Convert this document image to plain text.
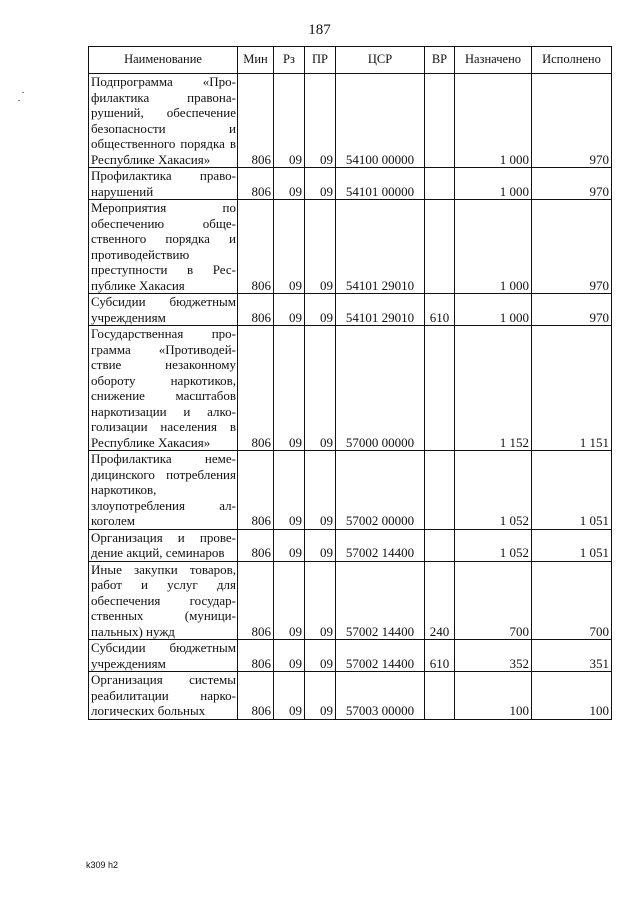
187
Наименование	Мин	Рз	ПР	ЦСР	ВР	Назначено	Исполнено
Подпрограмма «Профилактика правонарушений, обеспечение безопасности и общественного порядка в Республике Хакасия»	806	09	09	54100 00000		1 000	970
Профилактика правонарушений	806	09	09	54101 00000		1 000	970
Мероприятия по обеспечению общественного порядка и противодействию преступности в Республике Хакасия	806	09	09	54101 29010		1 000	970
Субсидии бюджетным учреждениям	806	09	09	54101 29010	610	1 000	970
Государственная программа «Противодействие незаконному обороту наркотиков, снижение масштабов наркотизации и алкоголизации населения в Республике Хакасия»	806	09	09	57000 00000		1 152	1 151
Профилактика немедицинского потребления наркотиков, злоупотребления алкоголем	806	09	09	57002 00000		1 052	1 051
Организация и проведение акций, семинаров	806	09	09	57002 14400		1 052	1 051
Иные закупки товаров, работ и услуг для обеспечения государственных (муниципальных) нужд	806	09	09	57002 14400	240	700	700
Субсидии бюджетным учреждениям	806	09	09	57002 14400	610	352	351
Организация системы реабилитации наркологических больных	806	09	09	57003 00000		100	100
k309 h2
